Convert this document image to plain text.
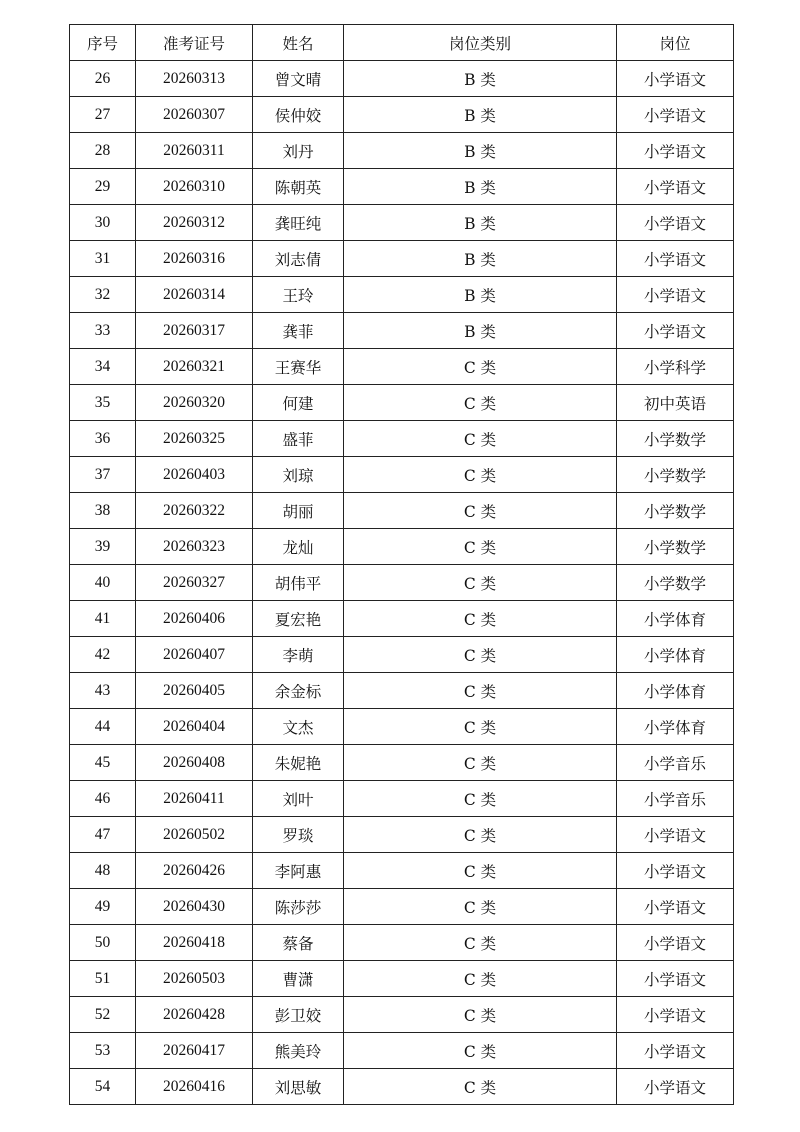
序号	准考证号	姓名	岗位类别	岗位
26	20260313	曾文晴	B 类	小学语文
27	20260307	侯仲姣	B 类	小学语文
28	20260311	刘丹	B 类	小学语文
29	20260310	陈朝英	B 类	小学语文
30	20260312	龚旺纯	B 类	小学语文
31	20260316	刘志倩	B 类	小学语文
32	20260314	王玲	B 类	小学语文
33	20260317	龚菲	B 类	小学语文
34	20260321	王赛华	C 类	小学科学
35	20260320	何建	C 类	初中英语
36	20260325	盛菲	C 类	小学数学
37	20260403	刘琼	C 类	小学数学
38	20260322	胡丽	C 类	小学数学
39	20260323	龙灿	C 类	小学数学
40	20260327	胡伟平	C 类	小学数学
41	20260406	夏宏艳	C 类	小学体育
42	20260407	李萌	C 类	小学体育
43	20260405	余金标	C 类	小学体育
44	20260404	文杰	C 类	小学体育
45	20260408	朱妮艳	C 类	小学音乐
46	20260411	刘叶	C 类	小学音乐
47	20260502	罗琰	C 类	小学语文
48	20260426	李阿惠	C 类	小学语文
49	20260430	陈莎莎	C 类	小学语文
50	20260418	蔡备	C 类	小学语文
51	20260503	曹潇	C 类	小学语文
52	20260428	彭卫姣	C 类	小学语文
53	20260417	熊美玲	C 类	小学语文
54	20260416	刘思敏	C 类	小学语文
